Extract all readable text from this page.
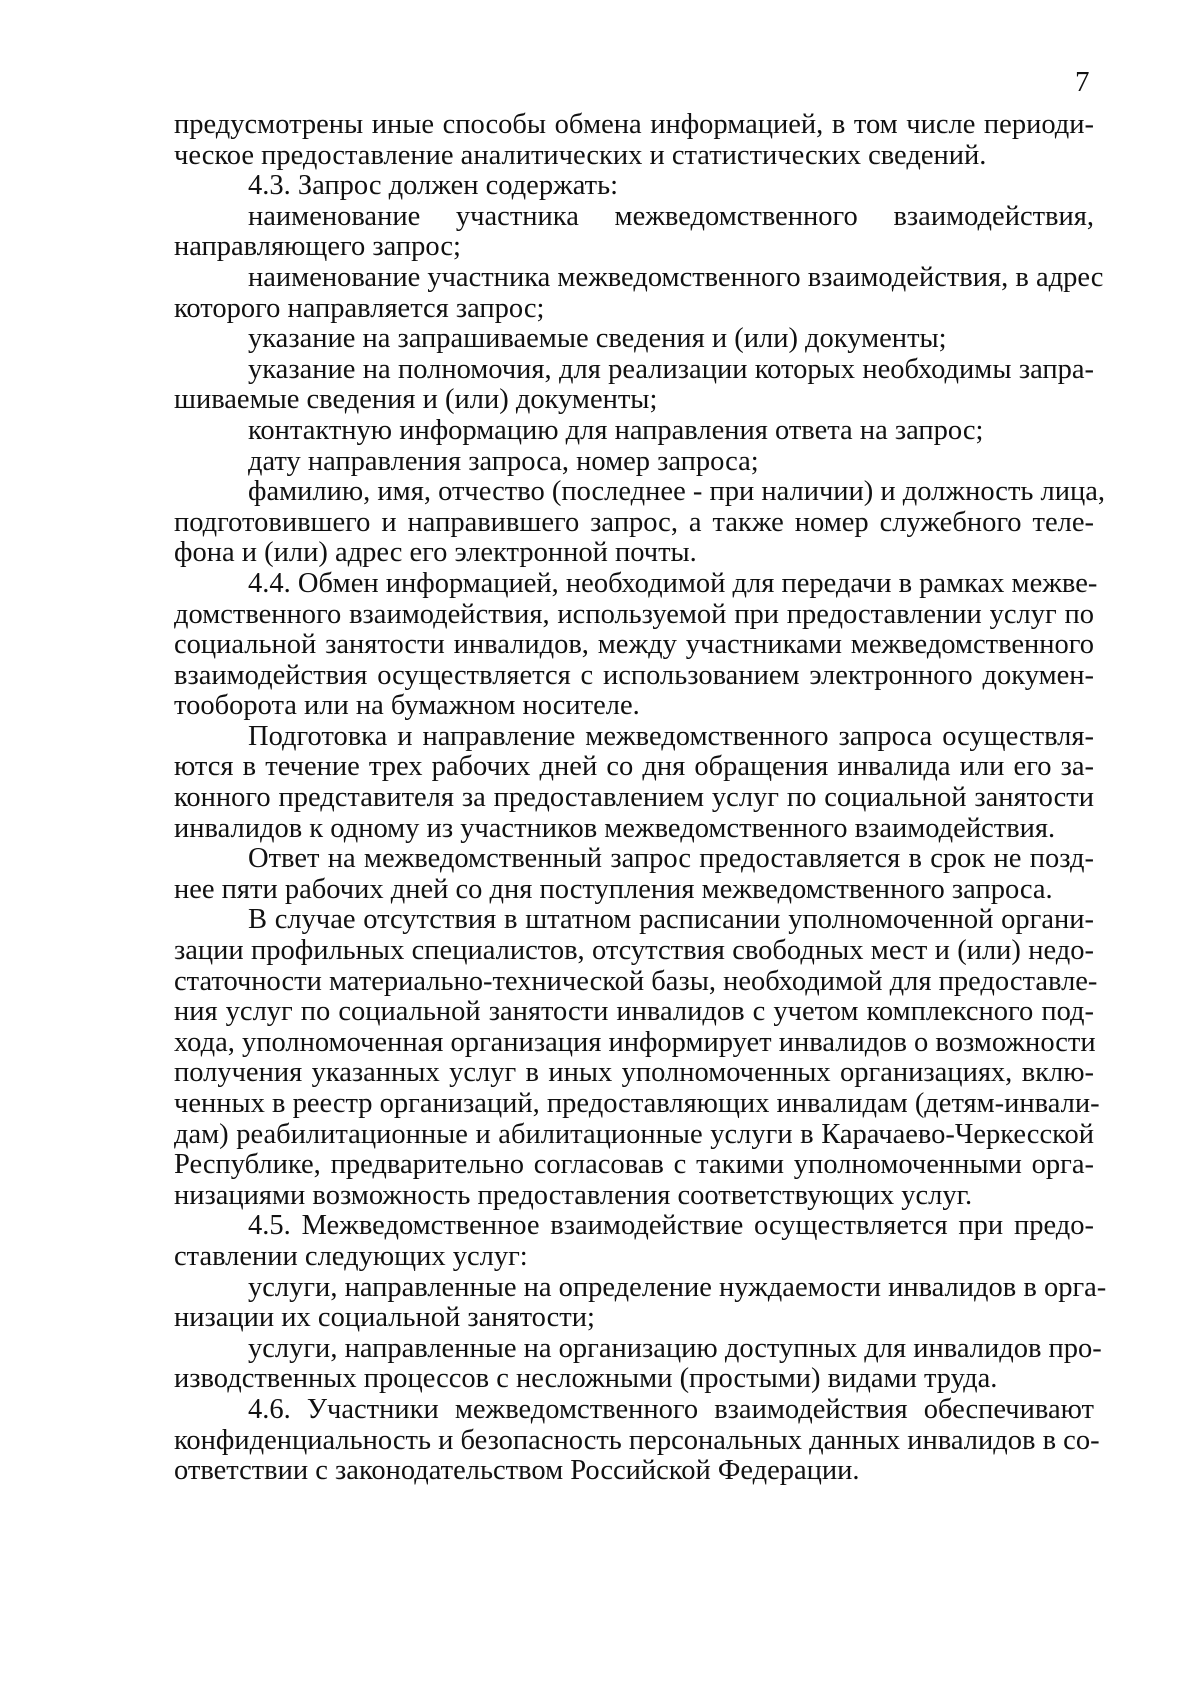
7
предусмотрены иные способы обмена информацией, в том числе периоди-
ческое предоставление аналитических и статистических сведений.
4.3. Запрос должен содержать:
наименование участника межведомственного взаимодействия,
направляющего запрос;
наименование участника межведомственного взаимодействия, в адрес
которого направляется запрос;
указание на запрашиваемые сведения и (или) документы;
указание на полномочия, для реализации которых необходимы запра-
шиваемые сведения и (или) документы;
контактную информацию для направления ответа на запрос;
дату направления запроса, номер запроса;
фамилию, имя, отчество (последнее - при наличии) и должность лица,
подготовившего и направившего запрос, а также номер служебного теле-
фона и (или) адрес его электронной почты.
4.4. Обмен информацией, необходимой для передачи в рамках межве-
домственного взаимодействия, используемой при предоставлении услуг по
социальной занятости инвалидов, между участниками межведомственного
взаимодействия осуществляется с использованием электронного докумен-
тооборота или на бумажном носителе.
Подготовка и направление межведомственного запроса осуществля-
ются в течение трех рабочих дней со дня обращения инвалида или его за-
конного представителя за предоставлением услуг по социальной занятости
инвалидов к одному из участников межведомственного взаимодействия.
Ответ на межведомственный запрос предоставляется в срок не позд-
нее пяти рабочих дней со дня поступления межведомственного запроса.
В случае отсутствия в штатном расписании уполномоченной органи-
зации профильных специалистов, отсутствия свободных мест и (или) недо-
статочности материально-технической базы, необходимой для предоставле-
ния услуг по социальной занятости инвалидов с учетом комплексного под-
хода, уполномоченная организация информирует инвалидов о возможности
получения указанных услуг в иных уполномоченных организациях, вклю-
ченных в реестр организаций, предоставляющих инвалидам (детям-инвали-
дам) реабилитационные и абилитационные услуги в Карачаево-Черкесской
Республике, предварительно согласовав с такими уполномоченными орга-
низациями возможность предоставления соответствующих услуг.
4.5. Межведомственное взаимодействие осуществляется при предо-
ставлении следующих услуг:
услуги, направленные на определение нуждаемости инвалидов в орга-
низации их социальной занятости;
услуги, направленные на организацию доступных для инвалидов про-
изводственных процессов с несложными (простыми) видами труда.
4.6. Участники межведомственного взаимодействия обеспечивают
конфиденциальность и безопасность персональных данных инвалидов в со-
ответствии с законодательством Российской Федерации.
